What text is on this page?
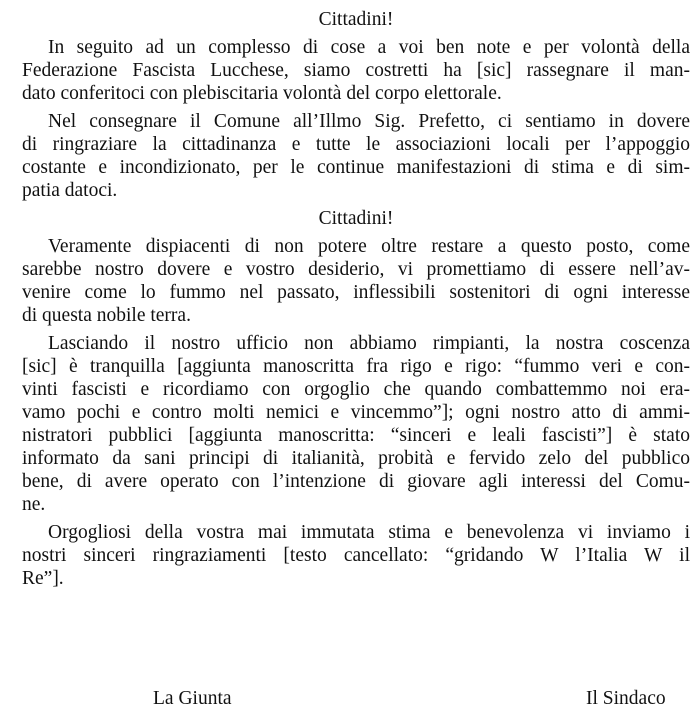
Cittadini!
In seguito ad un complesso di cose a voi ben note e per volontà della
Federazione Fascista Lucchese, siamo costretti ha [sic] rassegnare il man-
dato conferitoci con plebiscitaria volontà del corpo elettorale.
Nel consegnare il Comune all’Illmo Sig. Prefetto, ci sentiamo in dovere
di ringraziare la cittadinanza e tutte le associazioni locali per l’appoggio
costante e incondizionato, per le continue manifestazioni di stima e di sim-
patia datoci.
Cittadini!
Veramente dispiacenti di non potere oltre restare a questo posto, come
sarebbe nostro dovere e vostro desiderio, vi promettiamo di essere nell’av-
venire come lo fummo nel passato, inflessibili sostenitori di ogni interesse
di questa nobile terra.
Lasciando il nostro ufficio non abbiamo rimpianti, la nostra coscenza
[sic] è tranquilla [aggiunta manoscritta fra rigo e rigo: “fummo veri e con-
vinti fascisti e ricordiamo con orgoglio che quando combattemmo noi era-
vamo pochi e contro molti nemici e vincemmo”]; ogni nostro atto di ammi-
nistratori pubblici [aggiunta manoscritta: “sinceri e leali fascisti”] è stato
informato da sani principi di italianità, probità e fervido zelo del pubblico
bene, di avere operato con l’intenzione di giovare agli interessi del Comu-
ne.
Orgogliosi della vostra mai immutata stima e benevolenza vi inviamo i
nostri sinceri ringraziamenti [testo cancellato: “gridando W l’Italia W il
Re”].
La Giunta	Il Sindaco
